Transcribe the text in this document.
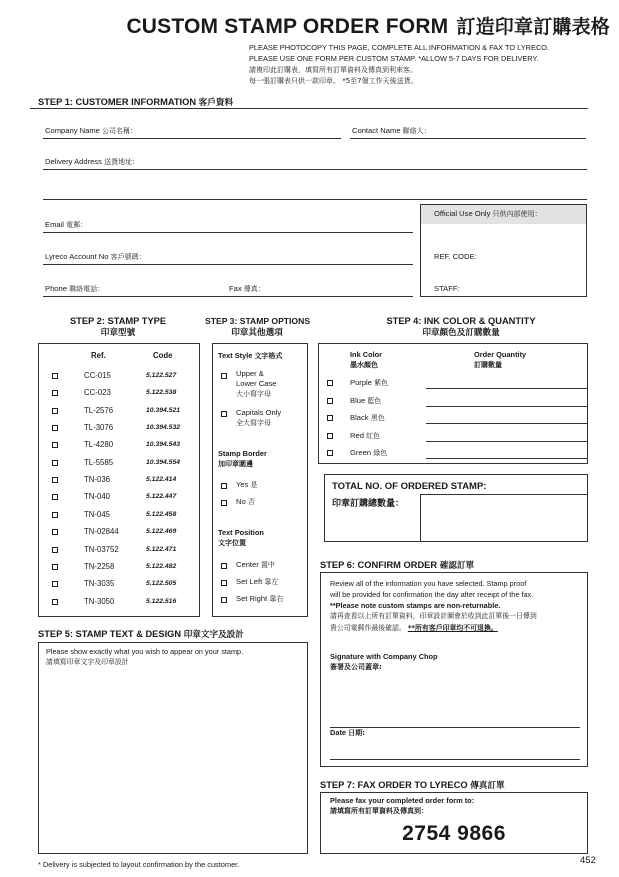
CUSTOM STAMP ORDER FORM 訂造印章訂購表格
PLEASE PHOTOCOPY THIS PAGE, COMPLETE ALL INFORMATION & FAX TO LYRECO.
PLEASE USE ONE FORM PER CUSTOM STAMP. *ALLOW 5-7 DAYS FOR DELIVERY.
請複印此訂購表，填寫所有訂單資料及傳真到利來客。
每一張訂購表只供一款印章。 *5至7個工作天後送貨。
STEP 1: CUSTOMER INFORMATION 客戶資料
Company Name 公司名稱：	Contact Name 聯絡人：
Delivery Address 送貨地址：
Email 電郵：
Lyreco Account No 客戶號碼：
Phone 聯絡電話：	Fax 傳真：
Official Use Only 只供內部使用：
REF. CODE:
STAFF:
STEP 2: STAMP TYPE
印章型號
Ref.	Code
CC-015	5.122.527
CC-023	5.122.538
TL-2576	10.394.521
TL-3076	10.394.532
TL-4280	10.394.543
TL-5585	10.394.554
TN-036	5.122.414
TN-040	5.122.447
TN-045	5.122.458
TN-02844	5.122.469
TN-03752	5.122.471
TN-2258	5.122.482
TN-3035	5.122.505
TN-3050	5.122.516
STEP 3: STAMP OPTIONS
印章其他選項
Text Style 文字格式
Upper &
Lower Case
大小寫字母
Capitals Only
全大寫字母
Stamp Border
加印章圍邊
Yes 是
No 否
Text Position
文字位置
Center 置中
Set Left 靠左
Set Right 靠右
STEP 4: INK COLOR & QUANTITY
印章顏色及訂購數量
Ink Color
墨水顏色
Order Quantity
訂購數量
Purple 紫色
Blue 藍色
Black 黑色
Red 紅色
Green 綠色
TOTAL NO. OF ORDERED STAMP:
印章訂購總數量：
STEP 5: STAMP TEXT & DESIGN 印章文字及設計
Please show exactly what you wish to appear on your stamp.
請填寫印章文字及印章設計
STEP 6: CONFIRM ORDER 確認訂單
Review all of the information you have selected. Stamp proof
will be provided for confirmation the day after receipt of the fax.
**Please note custom stamps are non-returnable.
請再查看以上所有訂單資料，印章設計圖會於收到此訂單後一日傳到
貴公司電郵作最後確認。 **所有客戶印章均不可退換。
Signature with Company Chop
簽署及公司蓋章:
Date 日期:
STEP 7: FAX ORDER TO LYRECO 傳真訂單
Please fax your completed order form to:
請填寫所有訂單資料及傳真到：
2754 9866
* Delivery is subjected to layout confirmation by the customer.	452
